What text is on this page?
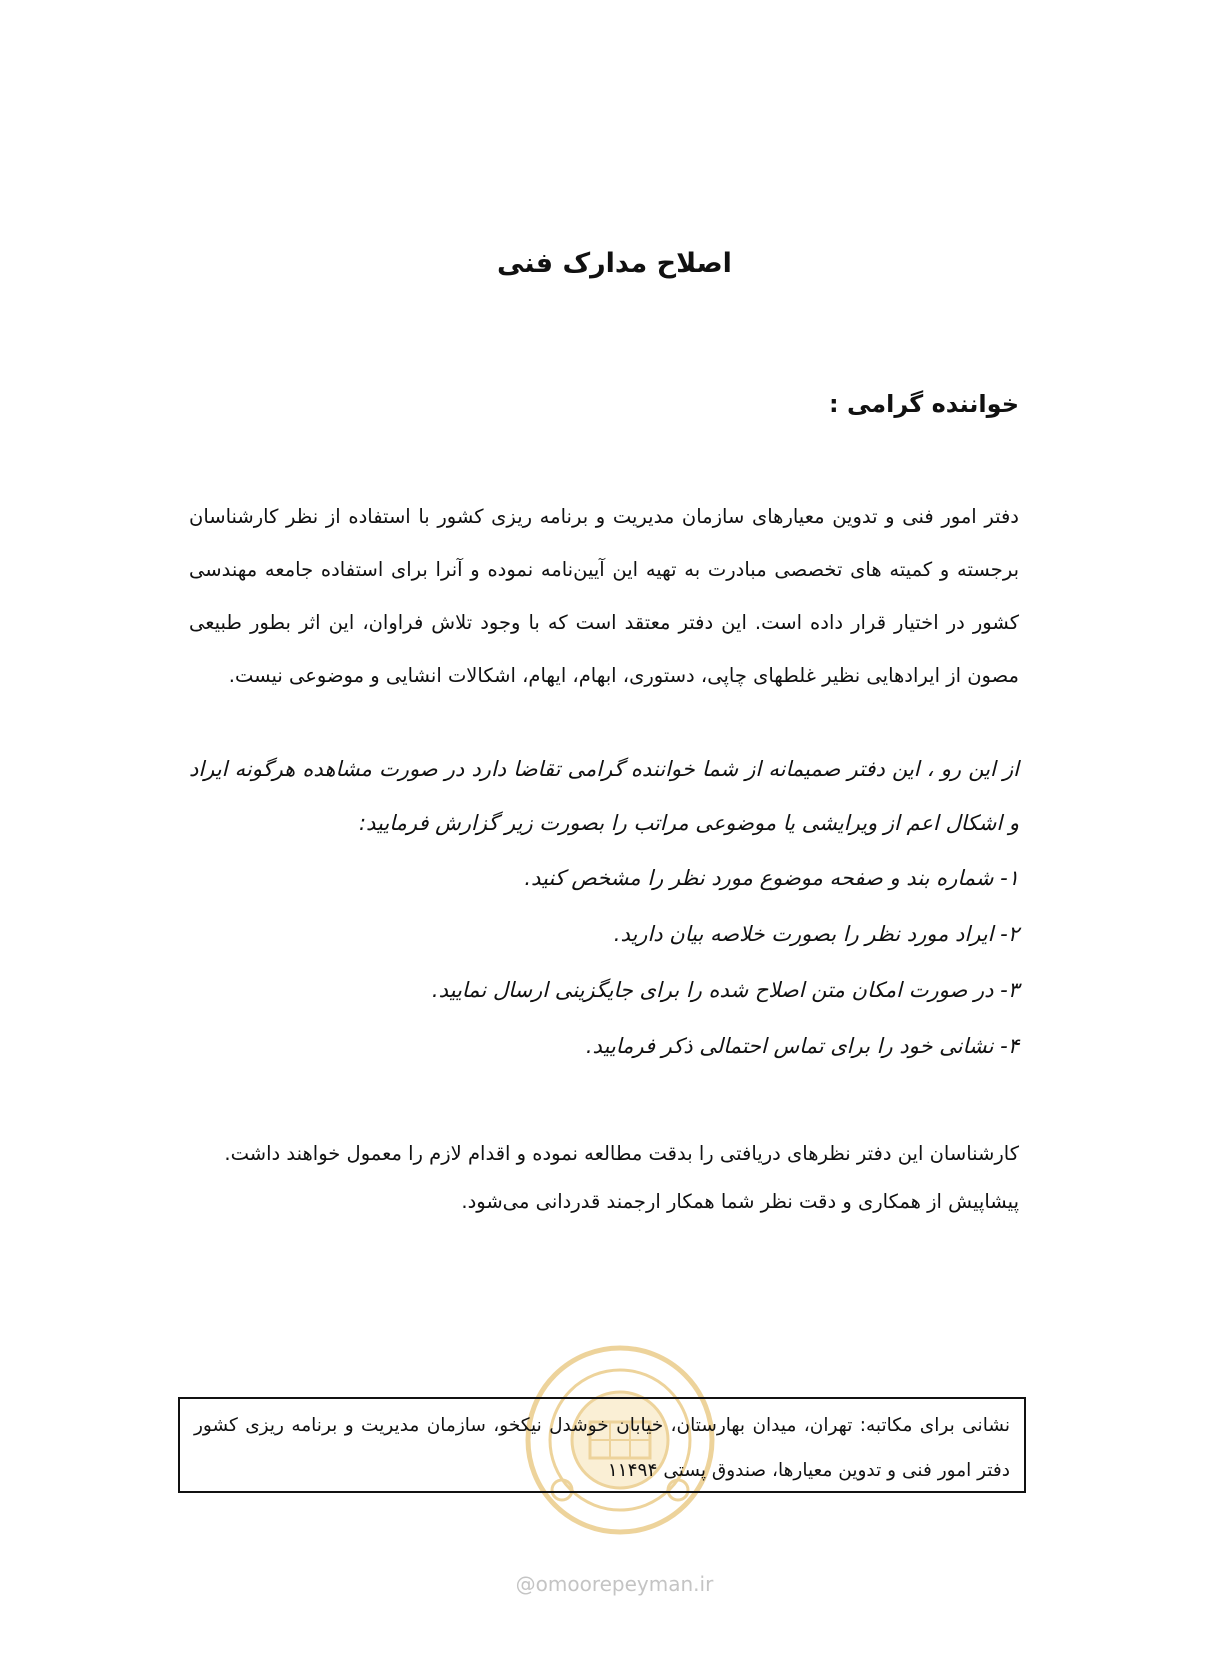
اصلاح مدارک فنی
خواننده گرامی :
دفتر امور فنی و تدوین معیارهای سازمان مدیریت و برنامه ریزی کشور با استفاده از نظر کارشناسان برجسته و کمیته های تخصصی مبادرت به تهیه این آیین‌نامه نموده و آنرا برای استفاده جامعه مهندسی کشور در اختیار قرار داده است. این دفتر معتقد است که با وجود تلاش فراوان، این اثر بطور طبیعی مصون از ایرادهایی نظیر غلطهای چاپی، دستوری، ابهام، ایهام، اشکالات انشایی و موضوعی نیست.
از این رو ، این دفتر صمیمانه از شما خواننده گرامی تقاضا دارد در صورت مشاهده هرگونه ایراد و اشکال اعم از ویرایشی یا موضوعی مراتب را بصورت زیر گزارش فرمایید:
۱- شماره بند و صفحه موضوع مورد نظر را مشخص کنید.
۲- ایراد مورد نظر را بصورت خلاصه بیان دارید.
۳- در صورت امکان متن اصلاح شده را برای جایگزینی ارسال نمایید.
۴- نشانی خود را برای تماس احتمالی ذکر فرمایید.
کارشناسان این دفتر نظرهای دریافتی را بدقت مطالعه نموده و اقدام لازم را معمول خواهند داشت.
پیشاپیش از همکاری و دقت نظر شما همکار ارجمند قدردانی می‌شود.
نشانی برای مکاتبه: تهران، میدان بهارستان، خیابان خوشدل نیکخو، سازمان مدیریت و برنامه ریزی کشور دفتر امور فنی و تدوین معیارها، صندوق پستی ۱۱۴۹۴
@omoorepeyman.ir
